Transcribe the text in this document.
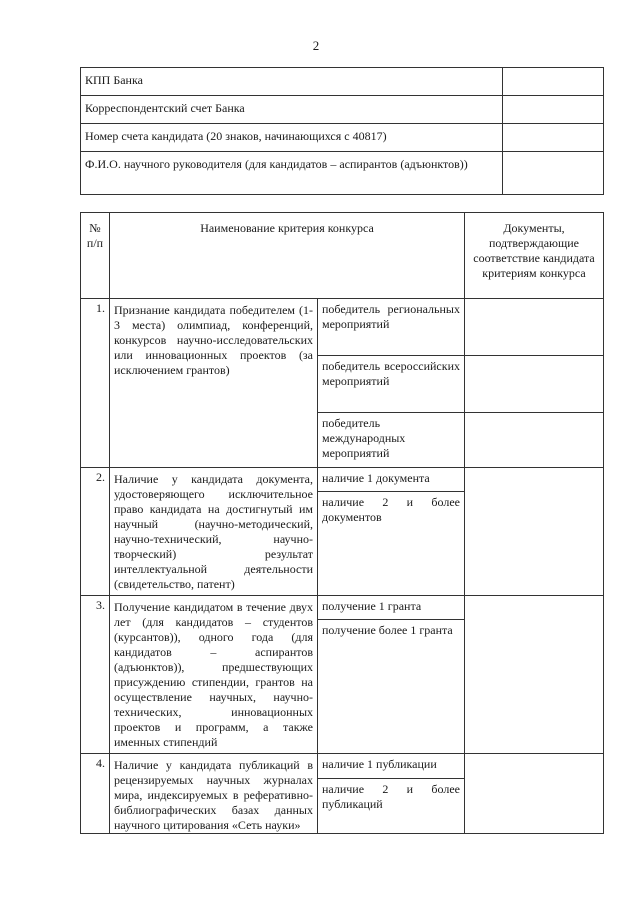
2
КПП Банка	
Корреспондентский счет Банка	
Номер счета кандидата (20 знаков, начинающихся с 40817)	
Ф.И.О. научного руководителя (для кандидатов – аспирантов (адъюнктов))	
№ п/п	Наименование критерия конкурса		Документы, подтверждающие соответствие кандидата критериям конкурса
1.	Признание кандидата победителем (1-3 места) олимпиад, конференций, конкурсов научно-исследовательских или инновационных проектов (за исключением грантов)	победитель региональных мероприятий	
		победитель всероссийских мероприятий	
		победитель международных мероприятий	
2.	Наличие у кандидата документа, удостоверяющего исключительное право кандидата на достигнутый им научный (научно-методический, научно-технический, научно-творческий) результат интеллектуальной деятельности (свидетельство, патент)	наличие 1 документа	
		наличие 2 и более документов	
3.	Получение кандидатом в течение двух лет (для кандидатов – студентов (курсантов)), одного года (для кандидатов – аспирантов (адъюнктов)), предшествующих присуждению стипендии, грантов на осуществление научных, научно-технических, инновационных проектов и программ, а также именных стипендий	получение 1 гранта	
		получение более 1 гранта	
4.	Наличие у кандидата публикаций в рецензируемых научных журналах мира, индексируемых в реферативно-библиографических базах данных научного цитирования «Сеть науки»	наличие 1 публикации	
		наличие 2 и более публикаций	
